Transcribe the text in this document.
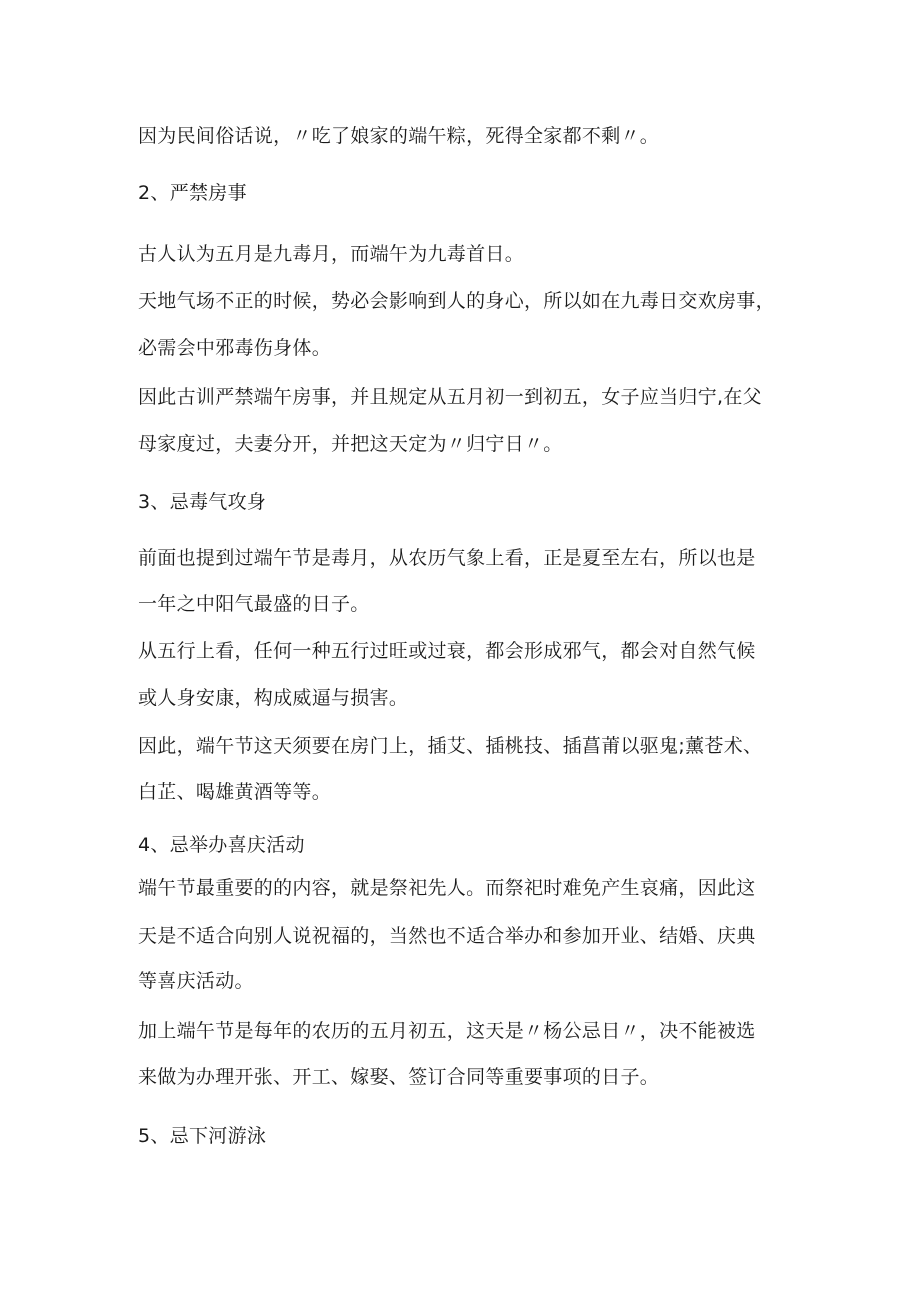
因为民间俗话说，〃吃了娘家的端午粽，死得全家都不剩〃。
2、严禁房事
古人认为五月是九毒月，而端午为九毒首日。
天地气场不正的时候，势必会影响到人的身心，所以如在九毒日交欢房事，
必需会中邪毒伤身体。
因此古训严禁端午房事，并且规定从五月初一到初五，女子应当归宁,在父
母家度过，夫妻分开，并把这天定为〃归宁日〃。
3、忌毒气攻身
前面也提到过端午节是毒月，从农历气象上看，正是夏至左右，所以也是
一年之中阳气最盛的日子。
从五行上看，任何一种五行过旺或过衰，都会形成邪气，都会对自然气候
或人身安康，构成威逼与损害。
因此，端午节这天须要在房门上，插艾、插桃技、插菖莆以驱鬼;薰苍术、
白芷、喝雄黄酒等等。
4、忌举办喜庆活动
端午节最重要的的内容，就是祭祀先人。而祭祀时难免产生哀痛，因此这
天是不适合向别人说祝福的，当然也不适合举办和参加开业、结婚、庆典
等喜庆活动。
加上端午节是每年的农历的五月初五，这天是〃杨公忌日〃，决不能被选
来做为办理开张、开工、嫁娶、签订合同等重要事项的日子。
5、忌下河游泳
